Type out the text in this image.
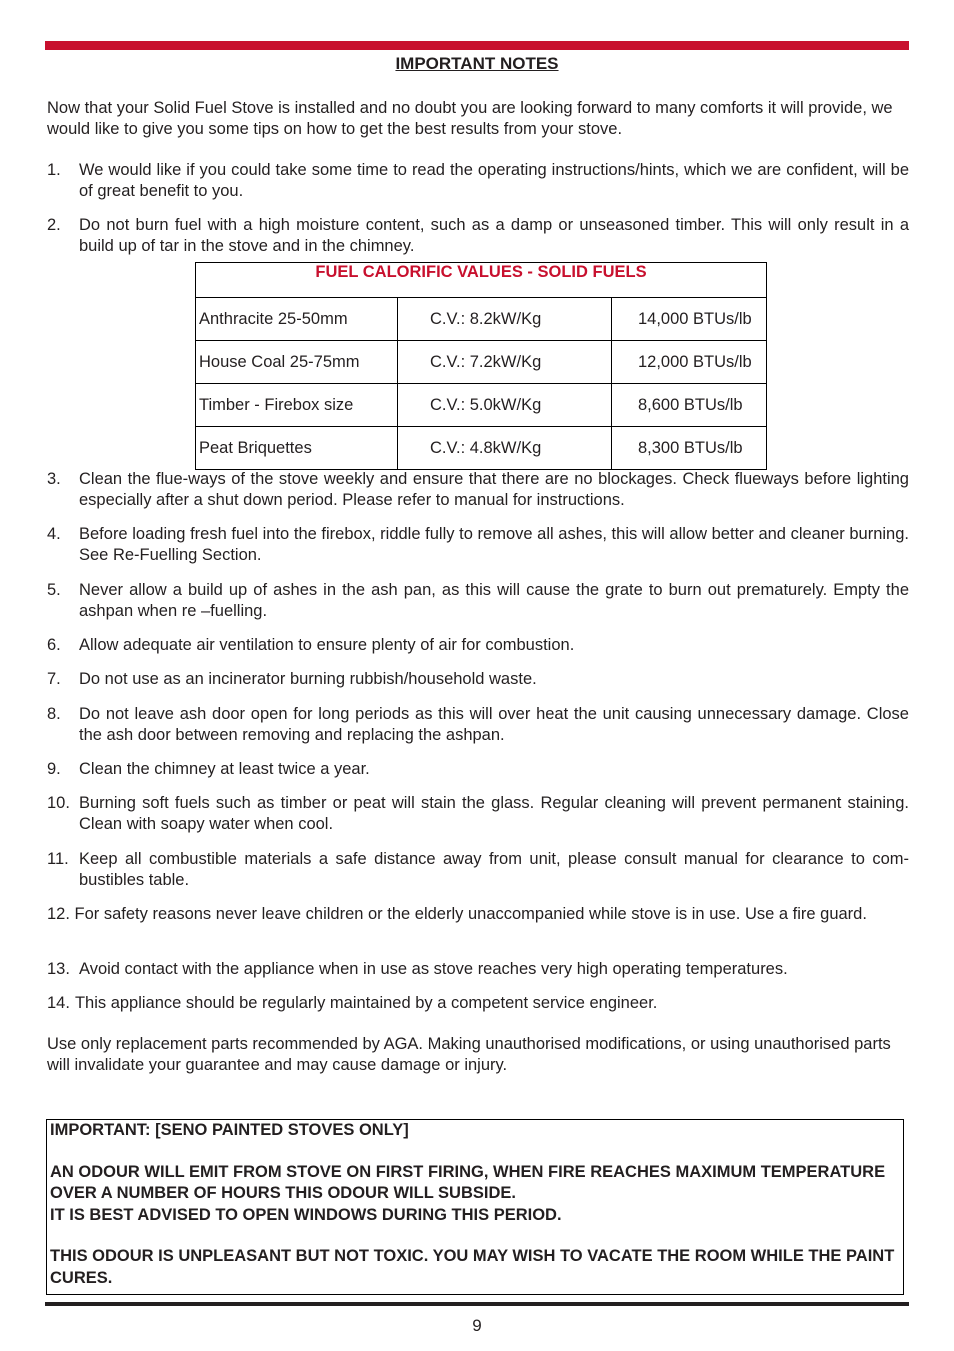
IMPORTANT NOTES

Now that your Solid Fuel Stove is installed and no doubt you are looking forward to many comforts it will provide, we would like to give you some tips on how to get the best results from your stove.

1.	We would like if you could take some time to read the operating instructions/hints, which we are confident, will be of great benefit to you.
2.	Do not burn fuel with a high moisture content, such as a damp or unseasoned timber. This will only result in a build up of tar in the stove and in the chimney.
FUEL CALORIFIC VALUES - SOLID FUELS		
Anthracite 25-50mm	C.V.: 8.2kW/Kg	14,000 BTUs/lb
House Coal 25-75mm	C.V.: 7.2kW/Kg	12,000 BTUs/lb
Timber - Firebox size	C.V.: 5.0kW/Kg	8,600 BTUs/lb
Peat Briquettes	C.V.: 4.8kW/Kg	8,300 BTUs/lb
3.	Clean the flue-ways of the stove weekly and ensure that there are no blockages. Check flueways before lighting especially after a shut down period. Please refer to manual for instructions.
4.	Before loading fresh fuel into the firebox, riddle fully to remove all ashes, this will allow better and cleaner burning. See Re-Fuelling Section.
5.	Never allow a build up of ashes in the ash pan, as this will cause the grate to burn out prematurely. Empty the ashpan when re –fuelling.
6.	Allow adequate air ventilation to ensure plenty of air for combustion.
7.	Do not use as an incinerator burning rubbish/household waste.
8.	Do not leave ash door open for long periods as this will over heat the unit causing unnecessary damage. Close the ash door between removing and replacing the ashpan.
9.	Clean the chimney at least twice a year.
10. Burning soft fuels such as timber or peat will stain the glass. Regular cleaning will prevent permanent staining. Clean with soapy water when cool.
11. Keep all combustible materials a safe distance away from unit, please consult manual for clearance to com-bustibles table.
12. For safety reasons never leave children or the elderly unaccompanied while stove is in use. Use a fire guard.
13. Avoid contact with the appliance when in use as stove reaches very high operating temperatures.
14. This appliance should be regularly maintained by a competent service engineer.

Use only replacement parts recommended by AGA. Making unauthorised modifications, or using unauthorised parts will invalidate your guarantee and may cause damage or injury.

IMPORTANT: [SENO PAINTED STOVES ONLY]

AN ODOUR WILL EMIT FROM STOVE ON FIRST FIRING, WHEN FIRE REACHES MAXIMUM TEMPERATURE OVER A NUMBER OF HOURS THIS ODOUR WILL SUBSIDE.

IT IS BEST ADVISED TO OPEN WINDOWS DURING THIS PERIOD.

THIS ODOUR IS UNPLEASANT BUT NOT TOXIC. YOU MAY WISH TO VACATE THE ROOM WHILE THE PAINT CURES.

9
